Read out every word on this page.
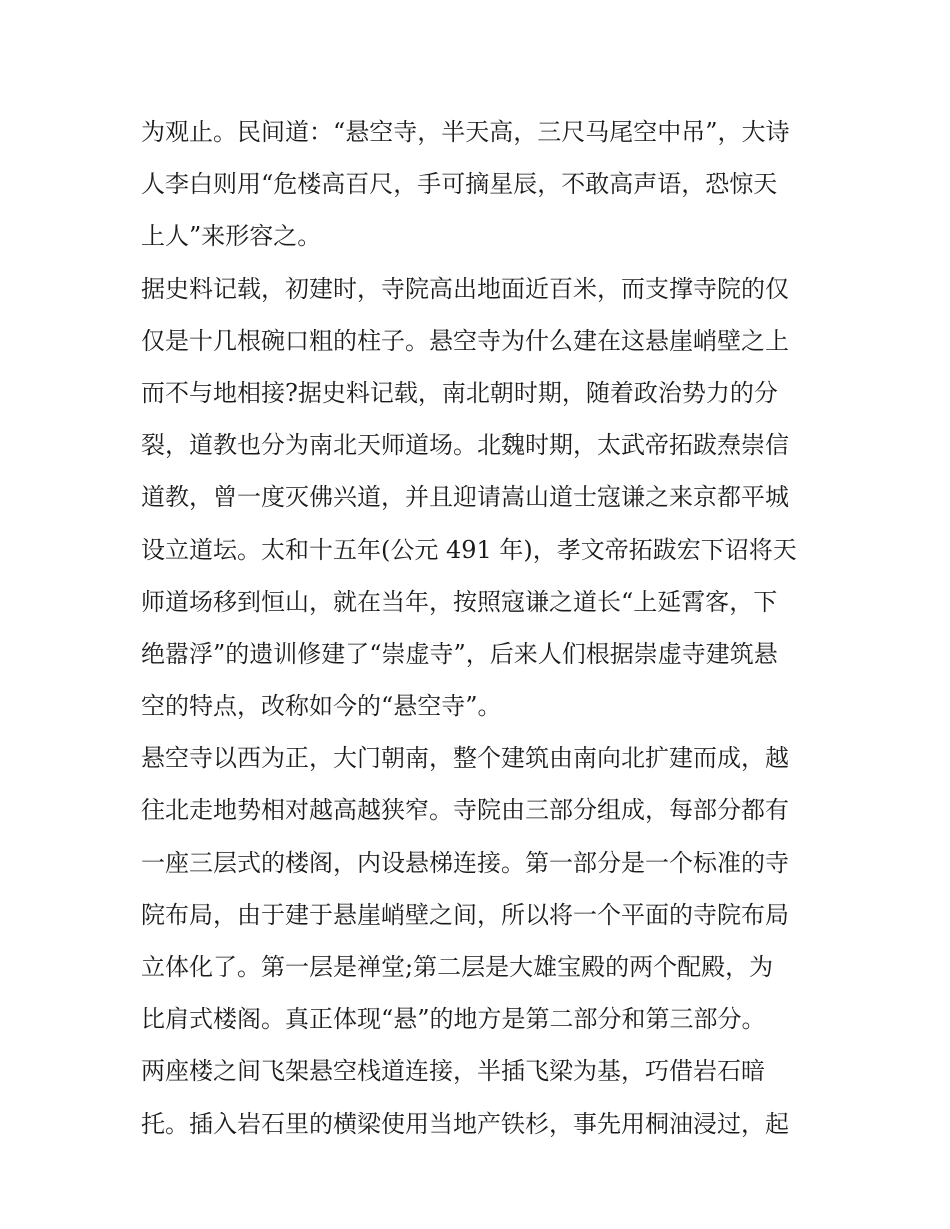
为观止。民间道：“悬空寺，半天高，三尺马尾空中吊”，大诗
人李白则用“危楼高百尺，手可摘星辰，不敢高声语，恐惊天
上人”来形容之。
据史料记载，初建时，寺院高出地面近百米，而支撑寺院的仅
仅是十几根碗口粗的柱子。悬空寺为什么建在这悬崖峭壁之上
而不与地相接?据史料记载，南北朝时期，随着政治势力的分
裂，道教也分为南北天师道场。北魏时期，太武帝拓跋焘崇信
道教，曾一度灭佛兴道，并且迎请嵩山道士寇谦之来京都平城
设立道坛。太和十五年(公元 491 年)，孝文帝拓跋宏下诏将天
师道场移到恒山，就在当年，按照寇谦之道长“上延霄客，下
绝嚣浮”的遗训修建了“崇虚寺”，后来人们根据崇虚寺建筑悬
空的特点，改称如今的“悬空寺”。
悬空寺以西为正，大门朝南，整个建筑由南向北扩建而成，越
往北走地势相对越高越狭窄。寺院由三部分组成，每部分都有
一座三层式的楼阁，内设悬梯连接。第一部分是一个标准的寺
院布局，由于建于悬崖峭壁之间，所以将一个平面的寺院布局
立体化了。第一层是禅堂;第二层是大雄宝殿的两个配殿，为
比肩式楼阁。真正体现“悬”的地方是第二部分和第三部分。
两座楼之间飞架悬空栈道连接，半插飞梁为基，巧借岩石暗
托。插入岩石里的横梁使用当地产铁杉，事先用桐油浸过，起
